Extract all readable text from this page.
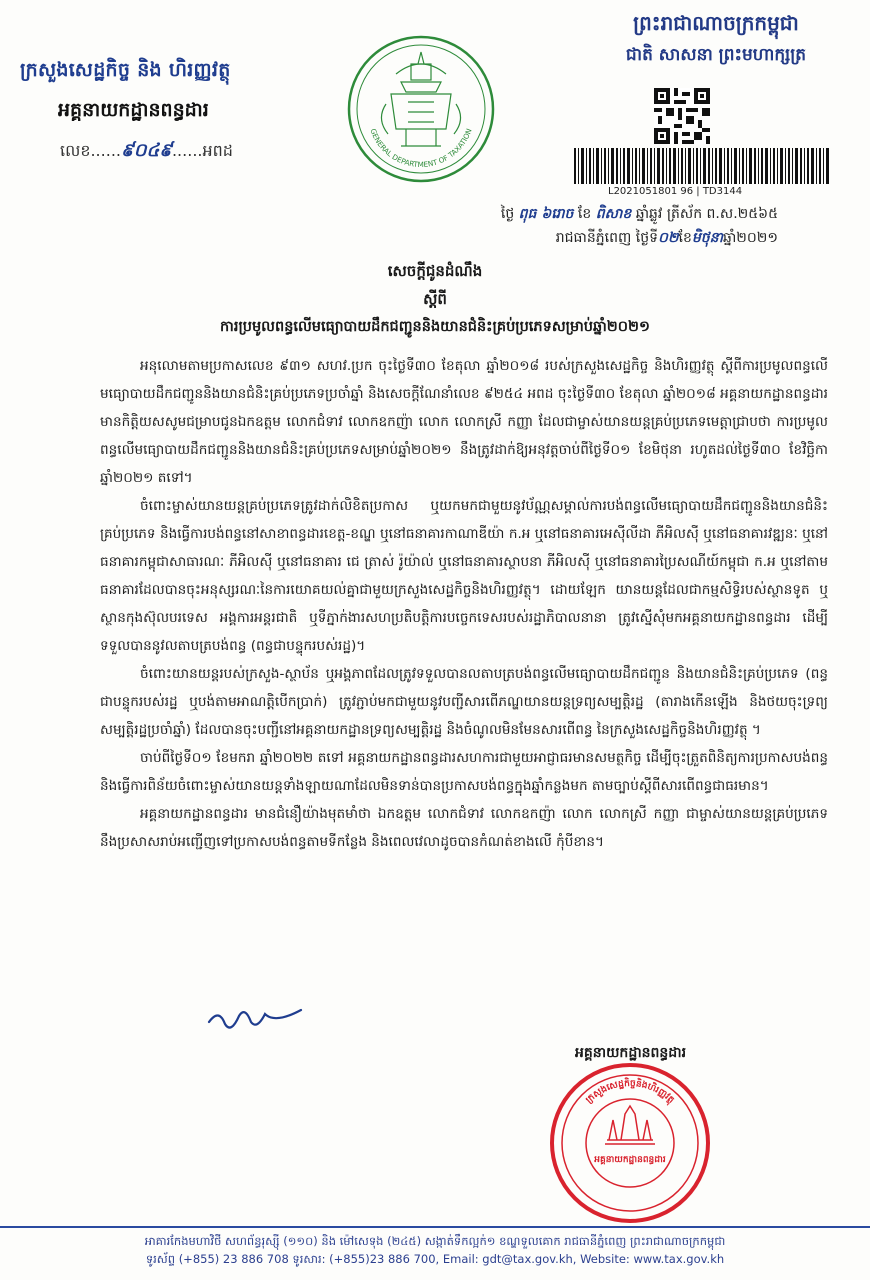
ក្រសួងសេដ្ឋកិច្ច និង ហិរញ្ញវត្ថុ
អគ្គនាយកដ្ឋានពន្ធដារ
លេខ......៩០៤៩......អពដ
GENERAL DEPARTMENT OF TAXATION
ព្រះរាជាណាចក្រកម្ពុជា
ជាតិ សាសនា ព្រះមហាក្សត្រ
L2021051801 96 | TD3144
ថ្ងៃ ពុធ ៦រោច ខែ ពិសាខ ឆ្នាំឆ្លូវ ត្រីស័ក ព.ស.២៥៦៥
រាជធានីភ្នំពេញ ថ្ងៃទី០២ខែមិថុនាឆ្នាំ២០២១
សេចក្តីជូនដំណឹង
ស្តីពី
ការប្រមូលពន្ធលើមធ្យោបាយដឹកជញ្ជូននិងយានជំនិះគ្រប់ប្រភេទសម្រាប់ឆ្នាំ២០២១

អនុលោមតាមប្រកាសលេខ ៩៣១ សហវ.ប្រក ចុះថ្ងៃទី៣០ ខែតុលា ឆ្នាំ២០១៨ របស់ក្រសួងសេដ្ឋកិច្ច និងហិរញ្ញវត្ថុ ស្តីពីការប្រមូលពន្ធលើមធ្យោបាយដឹកជញ្ជូននិងយានជំនិះគ្រប់ប្រភេទប្រចាំឆ្នាំ និងសេចក្តីណែនាំលេខ ៩២៥៤ អពដ ចុះថ្ងៃទី៣០ ខែតុលា ឆ្នាំ២០១៨ អគ្គនាយកដ្ឋានពន្ធដារមានកិត្តិយសសូមជម្រាបជូនឯកឧត្តម លោកជំទាវ លោកឧកញ៉ា លោក លោកស្រី កញ្ញា ដែលជាម្ចាស់យានយន្តគ្រប់ប្រភេទមេត្តាជ្រាបថា ការប្រមូលពន្ធលើមធ្យោបាយដឹកជញ្ជូននិងយានជំនិះគ្រប់ប្រភេទសម្រាប់ឆ្នាំ២០២១ នឹងត្រូវដាក់ឱ្យអនុវត្តចាប់ពីថ្ងៃទី០១ ខែមិថុនា រហូតដល់ថ្ងៃទី៣០ ខែវិច្ឆិកា ឆ្នាំ២០២១ តទៅ។

ចំពោះម្ចាស់យានយន្តគ្រប់ប្រភេទត្រូវដាក់លិខិតប្រកាស ឬយកមកជាមួយនូវប័ណ្ណសម្គាល់ការបង់ពន្ធលើមធ្យោបាយដឹកជញ្ជូននិងយានជំនិះគ្រប់ប្រភេទ និងធ្វើការបង់ពន្ធនៅសាខាពន្ធដារខេត្ត-ខណ្ឌ ឬនៅធនាគារកាណាឌីយ៉ា ក.អ ឬនៅធនាគារអេស៊ីលីដា ភីអិលស៊ី ឬនៅធនាគារវឌ្ឍនៈ ឬនៅធនាគារកម្ពុជាសាធារណៈ ភីអិលស៊ី ឬនៅធនាគារ ជេ ត្រាស់ រ៉ូយ៉ាល់ ឬនៅធនាគារស្ថាបនា ភីអិលស៊ី ឬនៅធនាគារប្រៃសណីយ៍កម្ពុជា ក.អ ឬនៅតាមធនាគារដែលបានចុះអនុស្សរណៈនៃការយោគយល់គ្នាជាមួយក្រសួងសេដ្ឋកិច្ចនិងហិរញ្ញវត្ថុ។ ដោយឡែក យានយន្តដែលជាកម្មសិទ្ធិរបស់ស្ថានទូត ឬស្ថានកុងស៊ុលបរទេស អង្គការអន្តរជាតិ ឬទីភ្នាក់ងារសហប្រតិបត្តិការបច្ចេកទេសរបស់រដ្ឋាភិបាលនានា ត្រូវស្នើសុំមកអគ្គនាយកដ្ឋានពន្ធដារ ដើម្បីទទួលបាននូវលតាបត្របង់ពន្ធ (ពន្ធជាបន្ទុករបស់រដ្ឋ)។

ចំពោះយានយន្តរបស់ក្រសួង-ស្ថាប័ន ឬអង្គភាពដែលត្រូវទទួលបានលតាបត្របង់ពន្ធលើមធ្យោបាយដឹកជញ្ជូន និងយានជំនិះគ្រប់ប្រភេទ (ពន្ធជាបន្ទុករបស់រដ្ឋ ឬបង់តាមអាណត្តិបើកប្រាក់) ត្រូវភ្ជាប់មកជាមួយនូវបញ្ជីសារពើភណ្ឌយានយន្តទ្រព្យសម្បត្តិរដ្ឋ (តារាងកើនឡើង និងថយចុះទ្រព្យសម្បត្តិរដ្ឋប្រចាំឆ្នាំ) ដែលបានចុះបញ្ជីនៅអគ្គនាយកដ្ឋានទ្រព្យសម្បត្តិរដ្ឋ និងចំណូលមិនមែនសារពើពន្ធ នៃក្រសួងសេដ្ឋកិច្ចនិងហិរញ្ញវត្ថុ ។

ចាប់ពីថ្ងៃទី០១ ខែមករា ឆ្នាំ២០២២ តទៅ អគ្គនាយកដ្ឋានពន្ធដារសហការជាមួយអាជ្ញាធរមានសមត្ថកិច្ច ដើម្បីចុះត្រួតពិនិត្យការប្រកាសបង់ពន្ធ និងធ្វើការពិន័យចំពោះម្ចាស់យានយន្តទាំងឡាយណាដែលមិនទាន់បានប្រកាសបង់ពន្ធក្នុងឆ្នាំកន្លងមក តាមច្បាប់ស្តីពីសារពើពន្ធជាធរមាន។

អគ្គនាយកដ្ឋានពន្ធដារ មានជំនឿយ៉ាងមុតមាំថា ឯកឧត្តម លោកជំទាវ លោកឧកញ៉ា លោក លោកស្រី កញ្ញា ជាម្ចាស់យានយន្តគ្រប់ប្រភេទ នឹងប្រសាសរាប់អញ្ជើញទៅប្រកាសបង់ពន្ធតាមទីកន្លែង និងពេលវេលាដូចបានកំណត់ខាងលើ កុំបីខាន។

អគ្គនាយកដ្ឋានពន្ធដារ
ក្រសួងសេដ្ឋកិច្ចនិងហិរញ្ញវត្ថុ
អគ្គនាយកដ្ឋានពន្ធដារ
អាគារកែងមហាវិថី សហព័ន្ធរុស្ស៊ី (១១០) និង ម៉ៅសេទុង (២៤៥) សង្កាត់ទឹកល្អក់១ ខណ្ឌទួលគោក រាជធានីភ្នំពេញ ព្រះរាជាណាចក្រកម្ពុជា
ទូរស័ព្ទ (+855) 23 886 708 ទូរសារ: (+855)23 886 700, Email: gdt@tax.gov.kh, Website: www.tax.gov.kh
